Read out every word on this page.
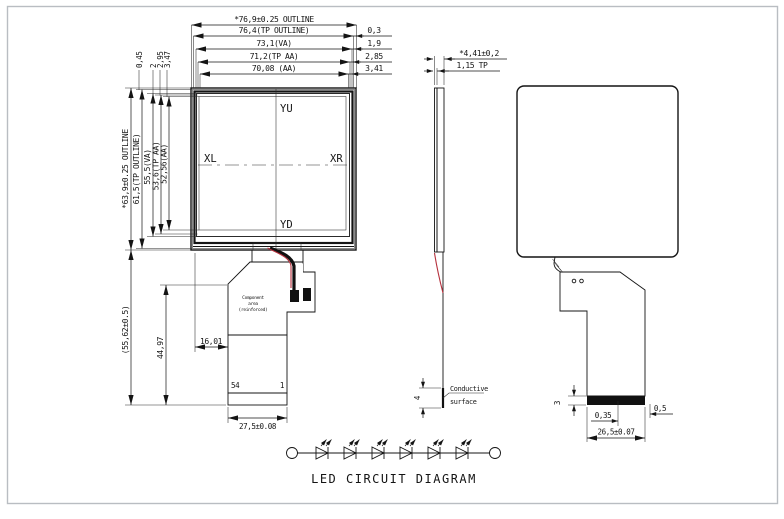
YU
XL	XR
YD
*76,9±0.25 OUTLINE
76,4(TP OUTLINE)	0,3
73,1(VA)	1,9
71,2(TP AA)	2,85
70,08 (AA)	3,41
*63,9±0.25 OUTLINE 61,5(TP OUTLINE) 55,5(VA) 53,6(TP AA) 52,56(AA)
0,45 2
2,95
3,47
Component
area
(reinforced)
54	1
(55,62±0.5)	44,97	16,01
27,5±0.08
*4,41±0,2
1,15 TP
4
Conductive
surface	3
0,35
0,5
26,5±0.07
LED CIRCUIT DIAGRAM
